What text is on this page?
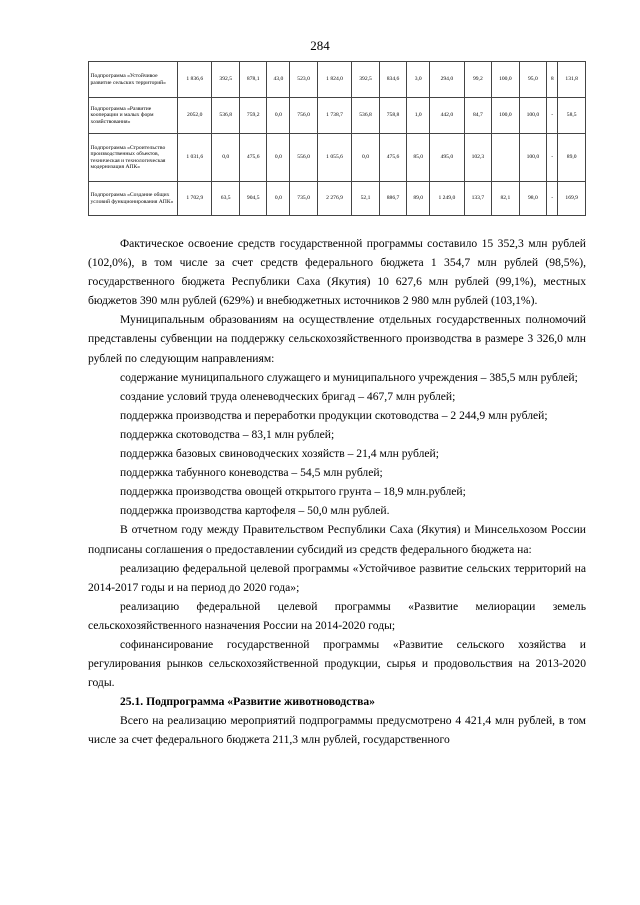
284
Подпрограмма «Устойчивое развитие сельских территорий»	1 836,6	392,5	878,1	43,0	523,0	1 824,0	392,5	834,6	3,0	294,0	99,2	100,0	95,0	8	131,8
Подпрограмма «Развитие кооперации и малых форм хозяйствования»	2052,0	536,8	759,2	0,0	756,0	1 738,7	536,8	758,8	1,0	442,0	84,7	100,0	100,0	-	58,5
Подпрограмма «Строительство производственных объектов, техническая и технологическая модернизация АПК»	1 031,6	0,0	475,6	0,0	556,0	1 055,6	0,0	475,6	85,0	495,0	102,3		100,0	-	89,0
Подпрограмма «Создание общих условий функционирования АПК»	1 702,9	63,5	904,5	0,0	735,0	2 276,9	52,1	886,7	89,0	1 249,0	133,7	82,1	98,0	-	169,9

Фактическое освоение средств государственной программы составило 15 352,3 млн рублей (102,0%), в том числе за счет средств федерального бюджета 1 354,7 млн рублей (98,5%), государственного бюджета Республики Саха (Якутия) 10 627,6 млн рублей (99,1%), местных бюджетов 390 млн рублей (629%) и внебюджетных источников 2 980 млн рублей (103,1%).

Муниципальным образованиям на осуществление отдельных государственных полномочий представлены субвенции на поддержку сельскохозяйственного производства в размере 3 326,0 млн рублей по следующим направлениям:

содержание муниципального служащего и муниципального учреждения – 385,5 млн рублей;

создание условий труда оленеводческих бригад – 467,7 млн рублей;

поддержка производства и переработки продукции скотоводства – 2 244,9 млн рублей;

поддержка скотоводства – 83,1 млн рублей;

поддержка базовых свиноводческих хозяйств – 21,4 млн рублей;

поддержка табунного коневодства – 54,5 млн рублей;

поддержка производства овощей открытого грунта – 18,9 млн.рублей;

поддержка производства картофеля – 50,0 млн рублей.

В отчетном году между Правительством Республики Саха (Якутия) и Минсельхозом России подписаны соглашения о предоставлении субсидий из средств федерального бюджета на:

реализацию федеральной целевой программы «Устойчивое развитие сельских территорий на 2014-2017 годы и на период до 2020 года»;

реализацию федеральной целевой программы «Развитие мелиорации земель сельскохозяйственного назначения России на 2014-2020 годы;

софинансирование государственной программы «Развитие сельского хозяйства и регулирования рынков сельскохозяйственной продукции, сырья и продовольствия на 2013-2020 годы.

25.1. Подпрограмма «Развитие животноводства»

Всего на реализацию мероприятий подпрограммы предусмотрено 4 421,4 млн рублей, в том числе за счет федерального бюджета 211,3 млн рублей, государственного
